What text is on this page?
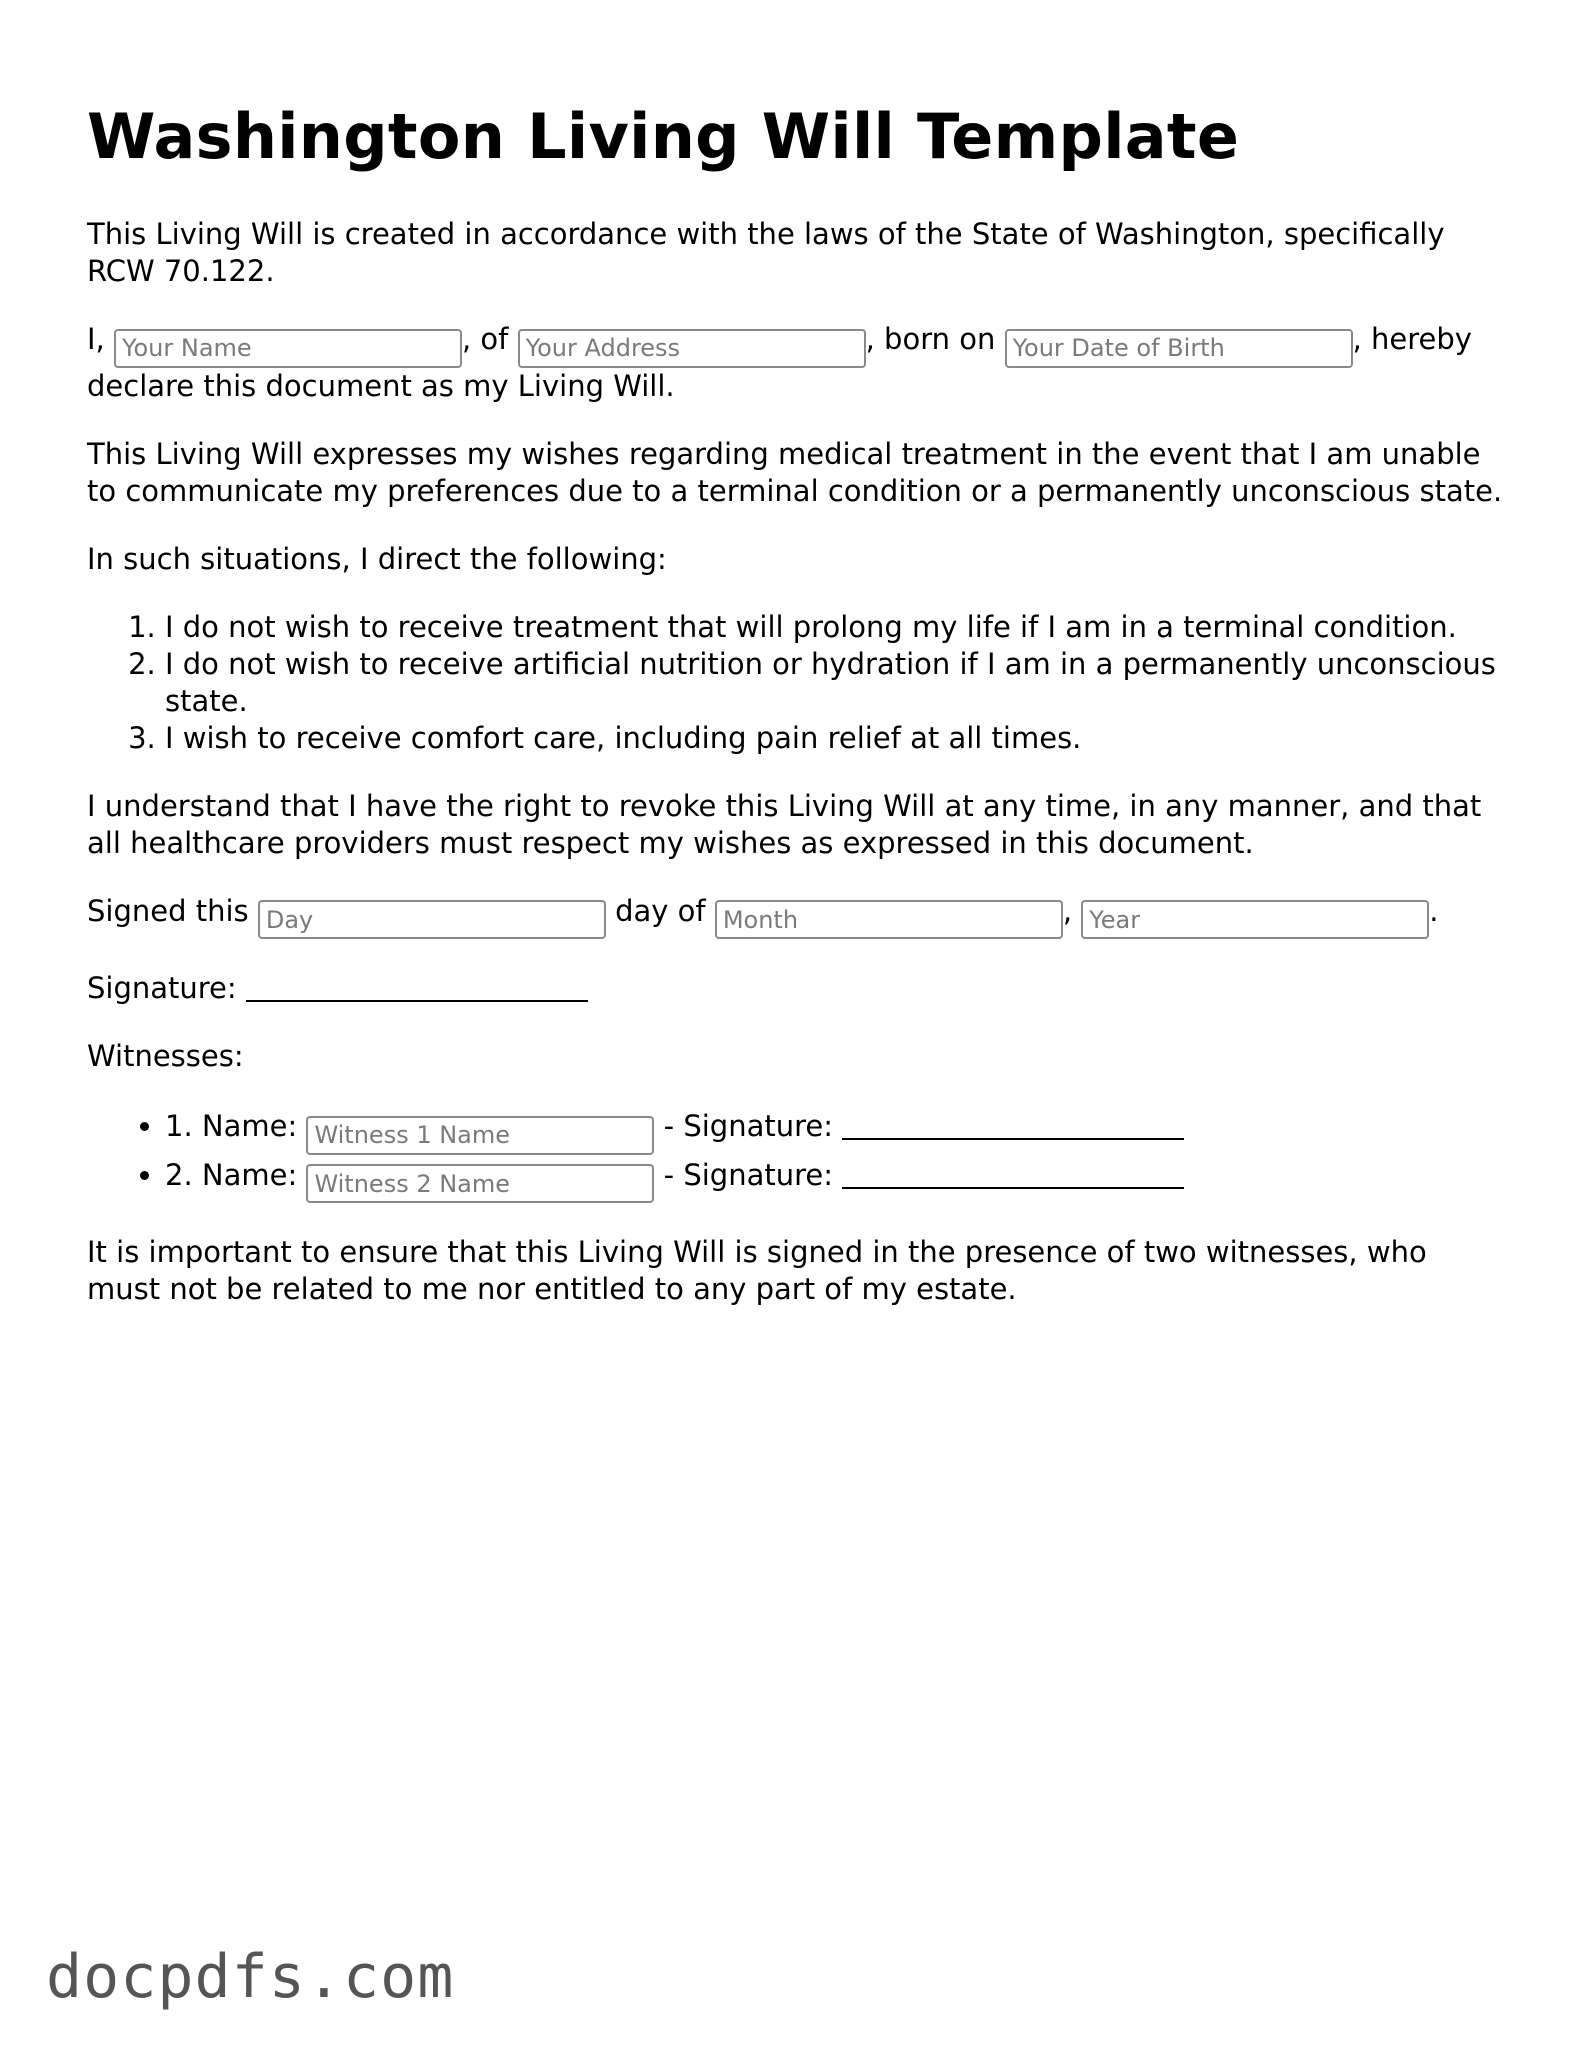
Washington Living Will Template

This Living Will is created in accordance with the laws of the State of Washington, specifically RCW 70.122.

I, Your Name	, of Your Address	, born on Your Date of Birth	, hereby declare this document as my Living Will.

This Living Will expresses my wishes regarding medical treatment in the event that I am unable to communicate my preferences due to a terminal condition or a permanently unconscious state.

In such situations, I direct the following:

1. I do not wish to receive treatment that will prolong my life if I am in a terminal condition.
2. I do not wish to receive artificial nutrition or hydration if I am in a permanently unconscious state.
3. I wish to receive comfort care, including pain relief at all times.

I understand that I have the right to revoke this Living Will at any time, in any manner, and that all healthcare providers must respect my wishes as expressed in this document.

Signed this Day	day of Month	, Year	.

Signature:

Witnesses:

• 1. Name: Witness 1 Name	- Signature:
• 2. Name: Witness 2 Name	- Signature:

It is important to ensure that this Living Will is signed in the presence of two witnesses, who must not be related to me nor entitled to any part of my estate.

docpdfs.com
